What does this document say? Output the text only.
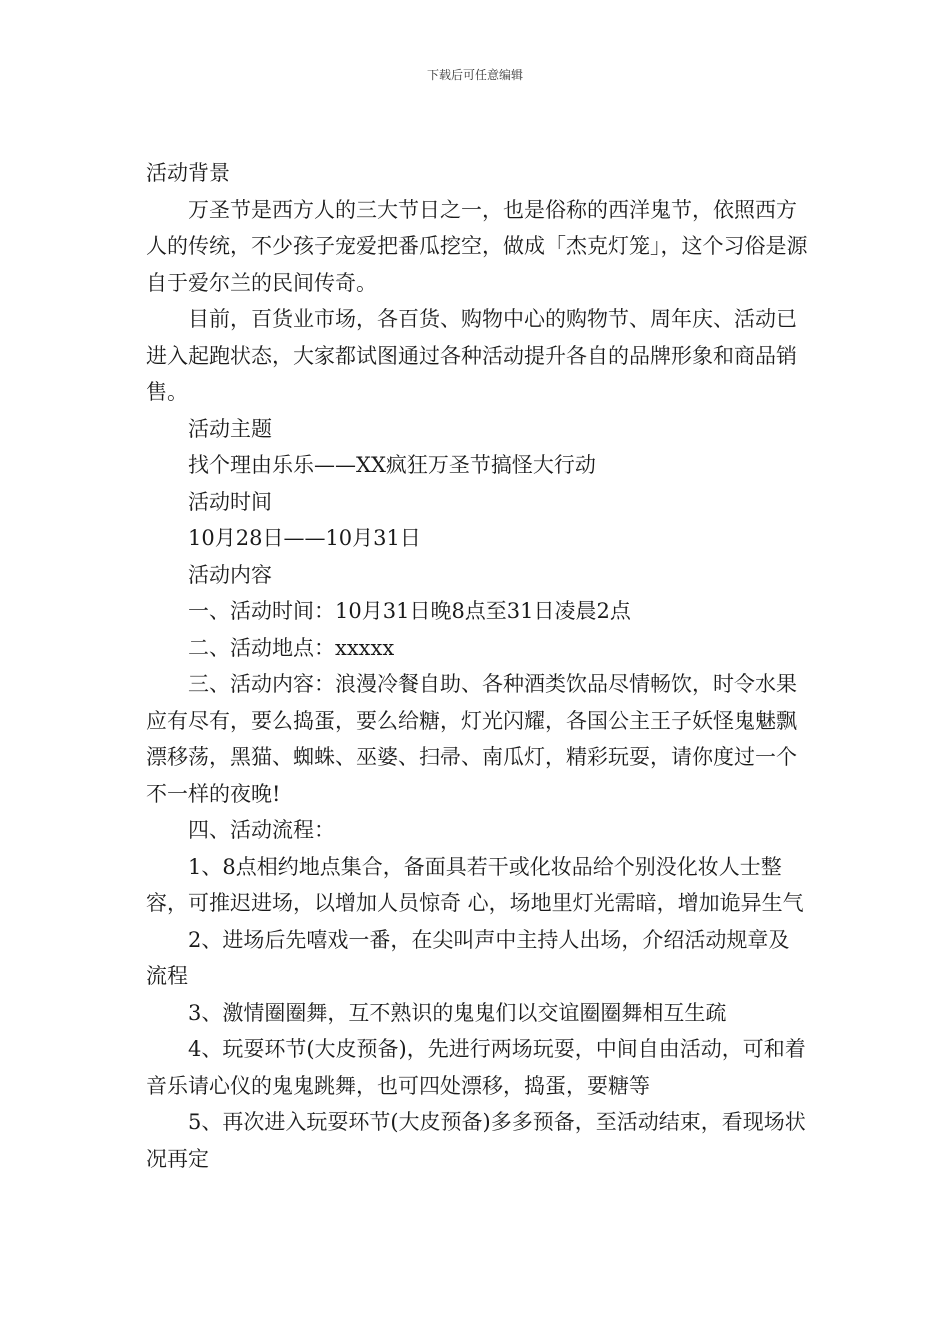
下载后可任意编辑

活动背景

万圣节是西方人的三大节日之一，也是俗称的西洋鬼节，依照西方人的传统，不少孩子宠爱把番瓜挖空，做成「杰克灯笼」，这个习俗是源自于爱尔兰的民间传奇。

目前，百货业市场，各百货、购物中心的购物节、周年庆、活动已进入起跑状态，大家都试图通过各种活动提升各自的品牌形象和商品销售。

活动主题

找个理由乐乐——XX疯狂万圣节搞怪大行动

活动时间

10月28日——10月31日

活动内容

一、活动时间：10月31日晚8点至31日凌晨2点

二、活动地点：xxxxx

三、活动内容：浪漫冷餐自助、各种酒类饮品尽情畅饮，时令水果应有尽有，要么捣蛋，要么给糖，灯光闪耀，各国公主王子妖怪鬼魅飘漂移荡，黑猫、蜘蛛、巫婆、扫帚、南瓜灯，精彩玩耍，请你度过一个不一样的夜晚!

四、活动流程：

1、8点相约地点集合，备面具若干或化妆品给个别没化妆人士整容，可推迟进场，以增加人员惊奇 心，场地里灯光需暗，增加诡异生气

2、进场后先嘻戏一番，在尖叫声中主持人出场，介绍活动规章及流程

3、激情圈圈舞，互不熟识的鬼鬼们以交谊圈圈舞相互生疏

4、玩耍环节(大皮预备)，先进行两场玩耍，中间自由活动，可和着音乐请心仪的鬼鬼跳舞，也可四处漂移，捣蛋，要糖等

5、再次进入玩耍环节(大皮预备)多多预备，至活动结束，看现场状况再定
